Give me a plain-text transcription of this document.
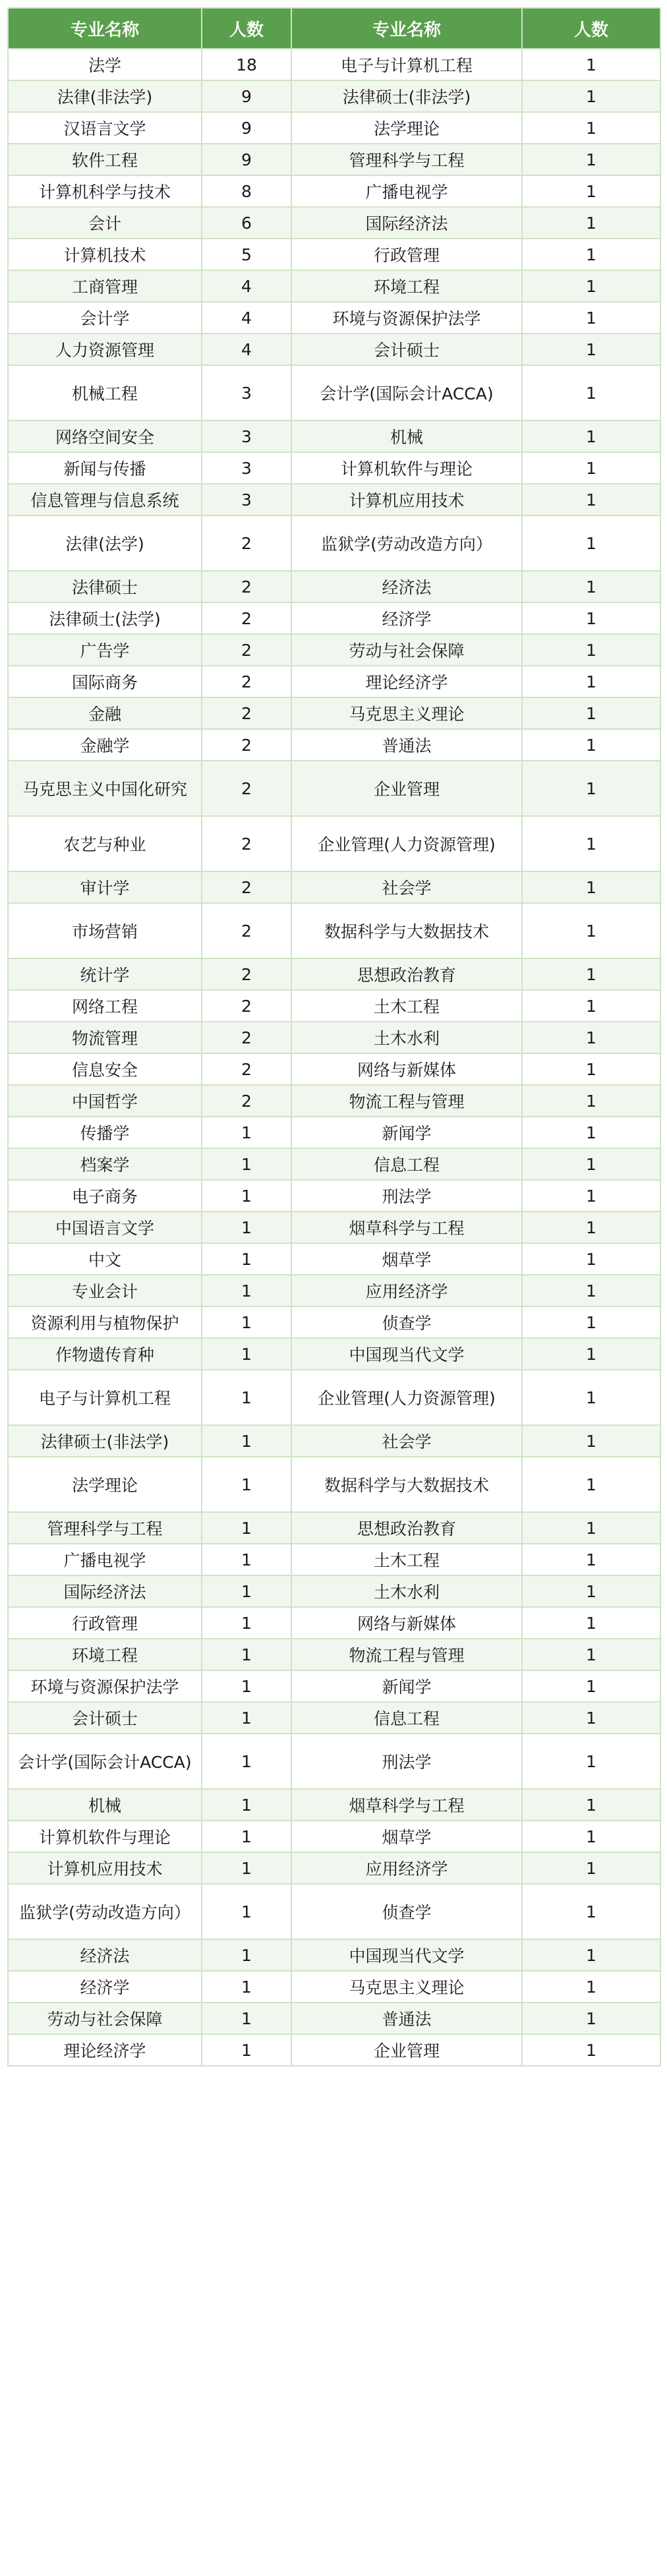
专业名称	人数	专业名称	人数
法学	18	电子与计算机工程	1
法律(非法学)	9	法律硕士(非法学)	1
汉语言文学	9	法学理论	1
软件工程	9	管理科学与工程	1
计算机科学与技术	8	广播电视学	1
会计	6	国际经济法	1
计算机技术	5	行政管理	1
工商管理	4	环境工程	1
会计学	4	环境与资源保护法学	1
人力资源管理	4	会计硕士	1
机械工程	3	会计学(国际会计ACCA)	1
网络空间安全	3	机械	1
新闻与传播	3	计算机软件与理论	1
信息管理与信息系统	3	计算机应用技术	1
法律(法学)	2	监狱学(劳动改造方向）	1
法律硕士	2	经济法	1
法律硕士(法学)	2	经济学	1
广告学	2	劳动与社会保障	1
国际商务	2	理论经济学	1
金融	2	马克思主义理论	1
金融学	2	普通法	1
马克思主义中国化研究	2	企业管理	1
农艺与种业	2	企业管理(人力资源管理)	1
审计学	2	社会学	1
市场营销	2	数据科学与大数据技术	1
统计学	2	思想政治教育	1
网络工程	2	土木工程	1
物流管理	2	土木水利	1
信息安全	2	网络与新媒体	1
中国哲学	2	物流工程与管理	1
传播学	1	新闻学	1
档案学	1	信息工程	1
电子商务	1	刑法学	1
中国语言文学	1	烟草科学与工程	1
中文	1	烟草学	1
专业会计	1	应用经济学	1
资源利用与植物保护	1	侦查学	1
作物遗传育种	1	中国现当代文学	1
电子与计算机工程	1	企业管理(人力资源管理)	1
法律硕士(非法学)	1	社会学	1
法学理论	1	数据科学与大数据技术	1
管理科学与工程	1	思想政治教育	1
广播电视学	1	土木工程	1
国际经济法	1	土木水利	1
行政管理	1	网络与新媒体	1
环境工程	1	物流工程与管理	1
环境与资源保护法学	1	新闻学	1
会计硕士	1	信息工程	1
会计学(国际会计ACCA)	1	刑法学	1
机械	1	烟草科学与工程	1
计算机软件与理论	1	烟草学	1
计算机应用技术	1	应用经济学	1
监狱学(劳动改造方向）	1	侦查学	1
经济法	1	中国现当代文学	1
经济学	1	马克思主义理论	1
劳动与社会保障	1	普通法	1
理论经济学	1	企业管理	1
